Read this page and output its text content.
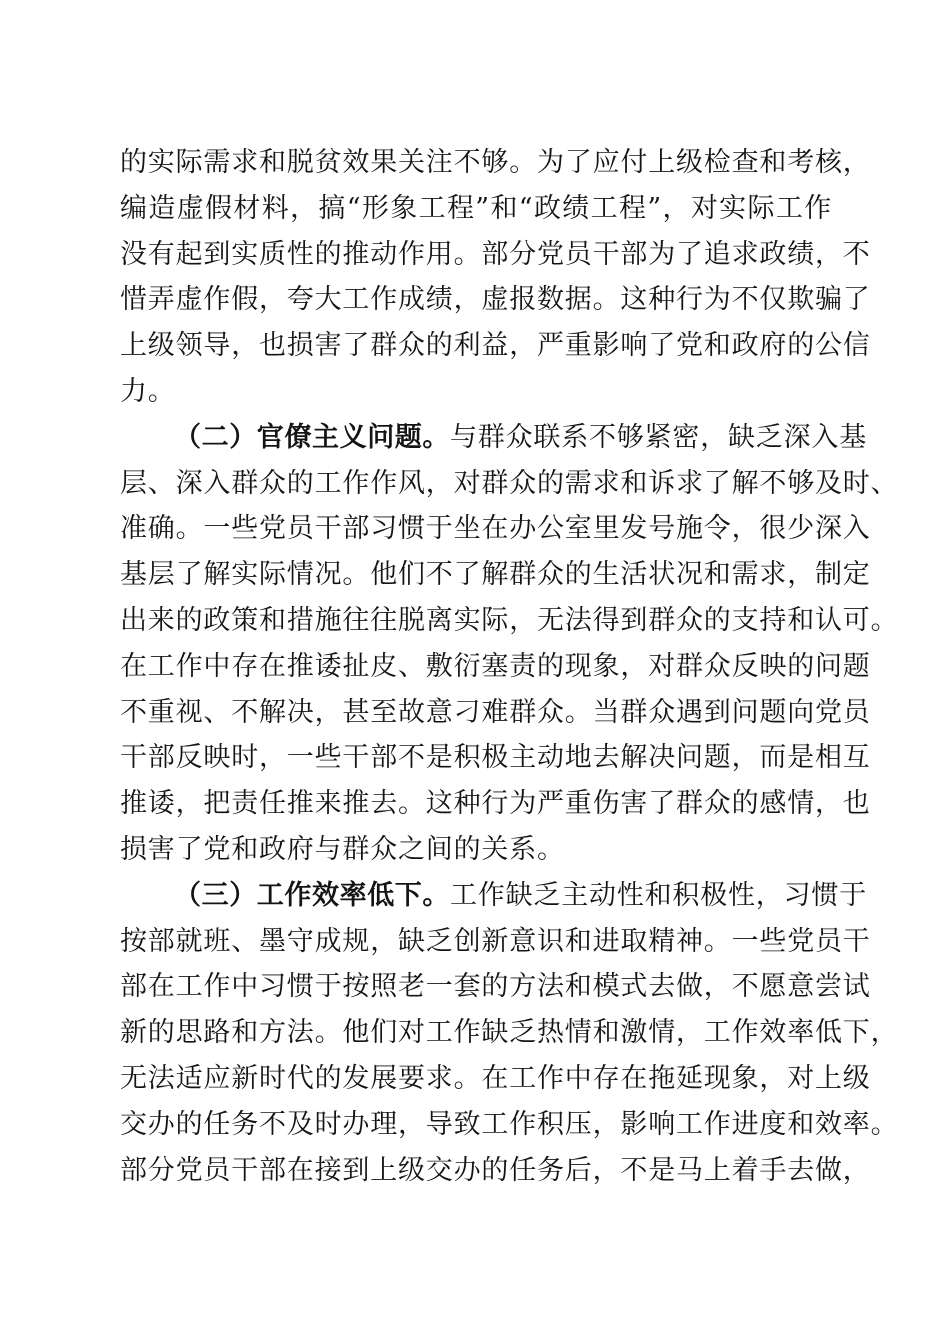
的实际需求和脱贫效果关注不够。为了应付上级检查和考核，
编造虚假材料，搞“形象工程”和“政绩工程”，对实际工作
没有起到实质性的推动作用。部分党员干部为了追求政绩，不
惜弄虚作假，夸大工作成绩，虚报数据。这种行为不仅欺骗了
上级领导，也损害了群众的利益，严重影响了党和政府的公信
力。
（二）官僚主义问题。与群众联系不够紧密，缺乏深入基
层、深入群众的工作作风，对群众的需求和诉求了解不够及时、
准确。一些党员干部习惯于坐在办公室里发号施令，很少深入
基层了解实际情况。他们不了解群众的生活状况和需求，制定
出来的政策和措施往往脱离实际，无法得到群众的支持和认可。
在工作中存在推诿扯皮、敷衍塞责的现象，对群众反映的问题
不重视、不解决，甚至故意刁难群众。当群众遇到问题向党员
干部反映时，一些干部不是积极主动地去解决问题，而是相互
推诿，把责任推来推去。这种行为严重伤害了群众的感情，也
损害了党和政府与群众之间的关系。
（三）工作效率低下。工作缺乏主动性和积极性，习惯于
按部就班、墨守成规，缺乏创新意识和进取精神。一些党员干
部在工作中习惯于按照老一套的方法和模式去做，不愿意尝试
新的思路和方法。他们对工作缺乏热情和激情，工作效率低下，
无法适应新时代的发展要求。在工作中存在拖延现象，对上级
交办的任务不及时办理，导致工作积压，影响工作进度和效率。
部分党员干部在接到上级交办的任务后，不是马上着手去做，
